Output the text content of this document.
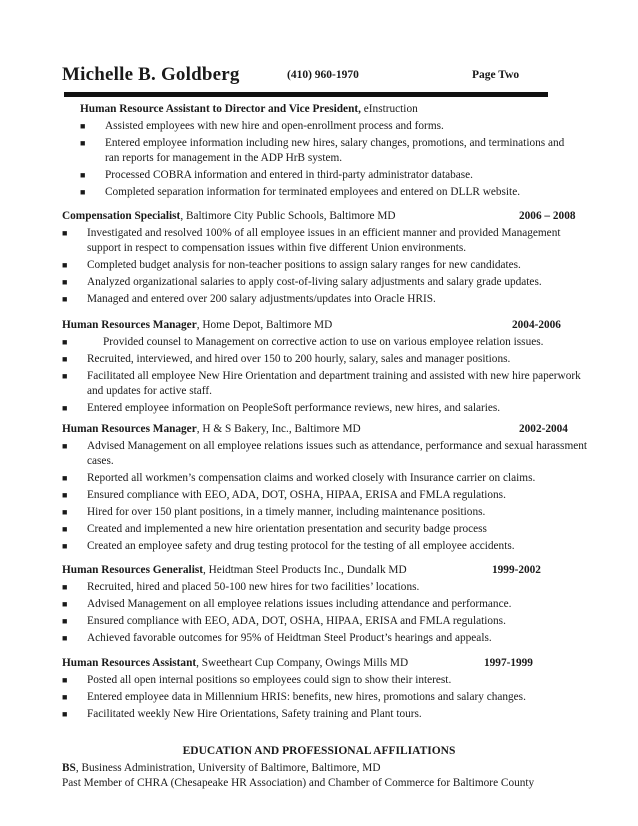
Michelle B. Goldberg	(410) 960-1970	Page Two
Human Resource Assistant to Director and Vice President, eInstruction
■ Assisted employees with new hire and open-enrollment process and forms.
■ Entered employee information including new hires, salary changes, promotions, and terminations and ran reports for management in the ADP HrB system.
■ Processed COBRA information and entered in third-party administrator database.
■ Completed separation information for terminated employees and entered on DLLR website.
Compensation Specialist, Baltimore City Public Schools, Baltimore MD	2006 – 2008
■ Investigated and resolved 100% of all employee issues in an efficient manner and provided Management support in respect to compensation issues within five different Union environments.
■ Completed budget analysis for non-teacher positions to assign salary ranges for new candidates.
■ Analyzed organizational salaries to apply cost-of-living salary adjustments and salary grade updates.
■ Managed and entered over 200 salary adjustments/updates into Oracle HRIS.
Human Resources Manager, Home Depot, Baltimore MD	2004-2006
■	Provided counsel to Management on corrective action to use on various employee relation issues.
■ Recruited, interviewed, and hired over 150 to 200 hourly, salary, sales and manager positions.
■ Facilitated all employee New Hire Orientation and department training and assisted with new hire paperwork and updates for active staff.
■ Entered employee information on PeopleSoft performance reviews, new hires, and salaries.
Human Resources Manager, H & S Bakery, Inc., Baltimore MD	2002-2004
■ Advised Management on all employee relations issues such as attendance, performance and sexual harassment cases.
■ Reported all workmen’s compensation claims and worked closely with Insurance carrier on claims.
■ Ensured compliance with EEO, ADA, DOT, OSHA, HIPAA, ERISA and FMLA regulations.
■ Hired for over 150 plant positions, in a timely manner, including maintenance positions.
■ Created and implemented a new hire orientation presentation and security badge process
■ Created an employee safety and drug testing protocol for the testing of all employee accidents.
Human Resources Generalist, Heidtman Steel Products Inc., Dundalk MD	1999-2002
■ Recruited, hired and placed 50-100 new hires for two facilities’ locations.
■ Advised Management on all employee relations issues including attendance and performance.
■ Ensured compliance with EEO, ADA, DOT, OSHA, HIPAA, ERISA and FMLA regulations.
■ Achieved favorable outcomes for 95% of Heidtman Steel Product’s hearings and appeals.
Human Resources Assistant, Sweetheart Cup Company, Owings Mills MD	1997-1999
■ Posted all open internal positions so employees could sign to show their interest.
■ Entered employee data in Millennium HRIS: benefits, new hires, promotions and salary changes.
■ Facilitated weekly New Hire Orientations, Safety training and Plant tours.
EDUCATION AND PROFESSIONAL AFFILIATIONS
BS, Business Administration, University of Baltimore, Baltimore, MD
Past Member of CHRA (Chesapeake HR Association) and Chamber of Commerce for Baltimore County
